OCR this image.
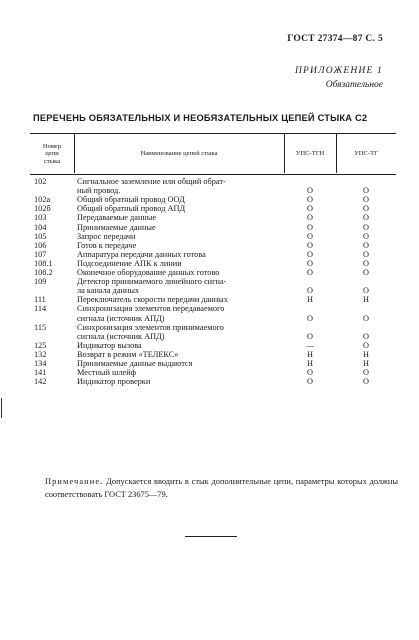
ГОСТ 27374—87 С. 5
ПРИЛОЖЕНИЕ 1
Обязательное
ПЕРЕЧЕНЬ ОБЯЗАТЕЛЬНЫХ И НЕОБЯЗАТЕЛЬНЫХ ЦЕПЕЙ СТЫКА С2
Номер
цепи
стыка
Наименование цепей стыка	УПС-ТГН	УПС-ТГ
102	Сигнальное заземление или общий обрат-
ный провод.	О	О
102а	Общий обратный провод ООД	О	О
102б	Общий обратный провод АПД	О	О
103	Передаваемые данные	О	О
104	Принимаемые данные	О	О
105	Запрос передачи	О	О
106	Готов к передаче	О	О
107	Аппаратура передачи данных готова	О	О
108.1	Подсоединение АПК к линии	О	О
108.2	Оконечное оборудование данных готово	О	О
109	Детектор принимаемого линейного сигна-
ла канала данных	О	О
111	Переключатель скорости передачи данных	Н	Н
114	Синхронизация элементов передаваемого
сигнала (источник АПД)	О	О
115	Синхронизация элементов принимаемого
сигнала (источник АПД)	О	О
125	Индикатор вызова	—	О
132	Возврат в режим «ТЕЛЕКС»	Н	Н
134	Принимаемые данные выдаются	Н	Н
141	Местный шлейф	О	О
142	Индикатор проверки	О	О
Примечание. Допускается вводить в стык дополнительные цепи, параметры которых должны соответствовать ГОСТ 23675—79.
